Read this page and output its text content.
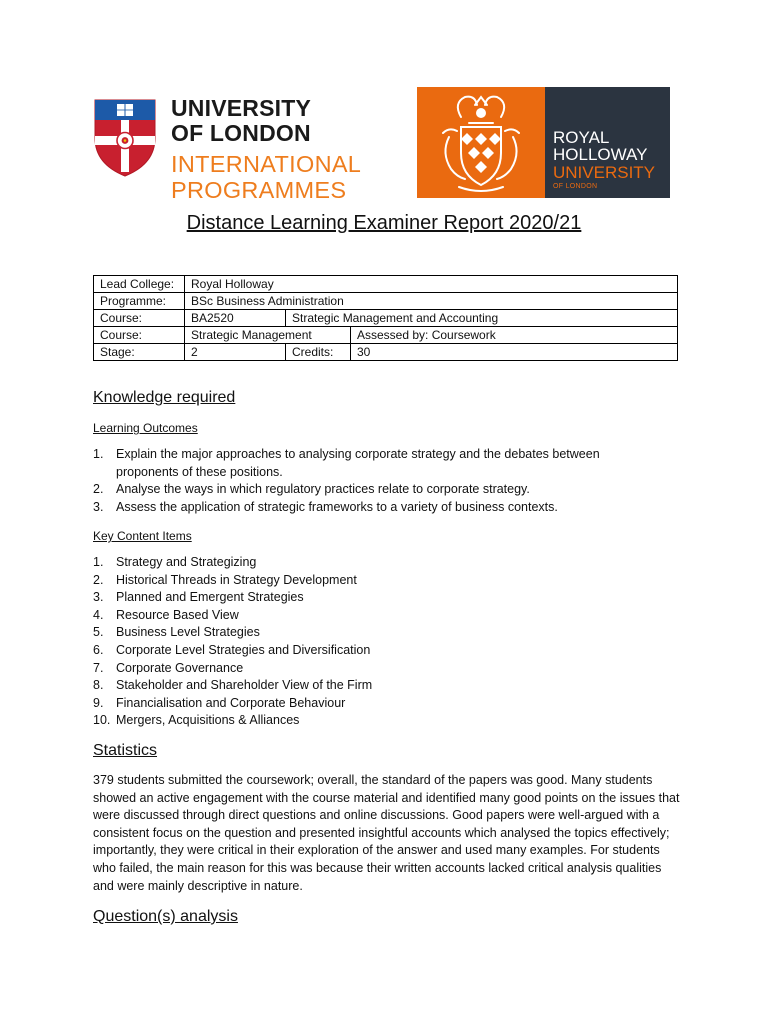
UNIVERSITY
OF LONDON
INTERNATIONAL
PROGRAMMES
ROYAL
HOLLOWAY
UNIVERSITY
OF LONDON
Distance Learning Examiner Report 2020/21
Lead College:	Royal Holloway		
Programme:	BSc Business Administration		
Course:	BA2520	Strategic Management and Accounting	
Course:	Strategic Management		Assessed by: Coursework
Stage:	2	Credits:	30
Knowledge required
Learning Outcomes
1. Explain the major approaches to analysing corporate strategy and the debates between
proponents of these positions.
2. Analyse the ways in which regulatory practices relate to corporate strategy.
3. Assess the application of strategic frameworks to a variety of business contexts.
Key Content Items
1. Strategy and Strategizing
2. Historical Threads in Strategy Development
3. Planned and Emergent Strategies
4. Resource Based View
5. Business Level Strategies
6. Corporate Level Strategies and Diversification
7. Corporate Governance
8. Stakeholder and Shareholder View of the Firm
9. Financialisation and Corporate Behaviour
10. Mergers, Acquisitions & Alliances
Statistics
379 students submitted the coursework; overall, the standard of the papers was good. Many students showed an active engagement with the course material and identified many good points on the issues that were discussed through direct questions and online discussions. Good papers were well-argued with a consistent focus on the question and presented insightful accounts which analysed the topics effectively; importantly, they were critical in their exploration of the answer and used many examples. For students who failed, the main reason for this was because their written accounts lacked critical analysis qualities and were mainly descriptive in nature.
Question(s) analysis
